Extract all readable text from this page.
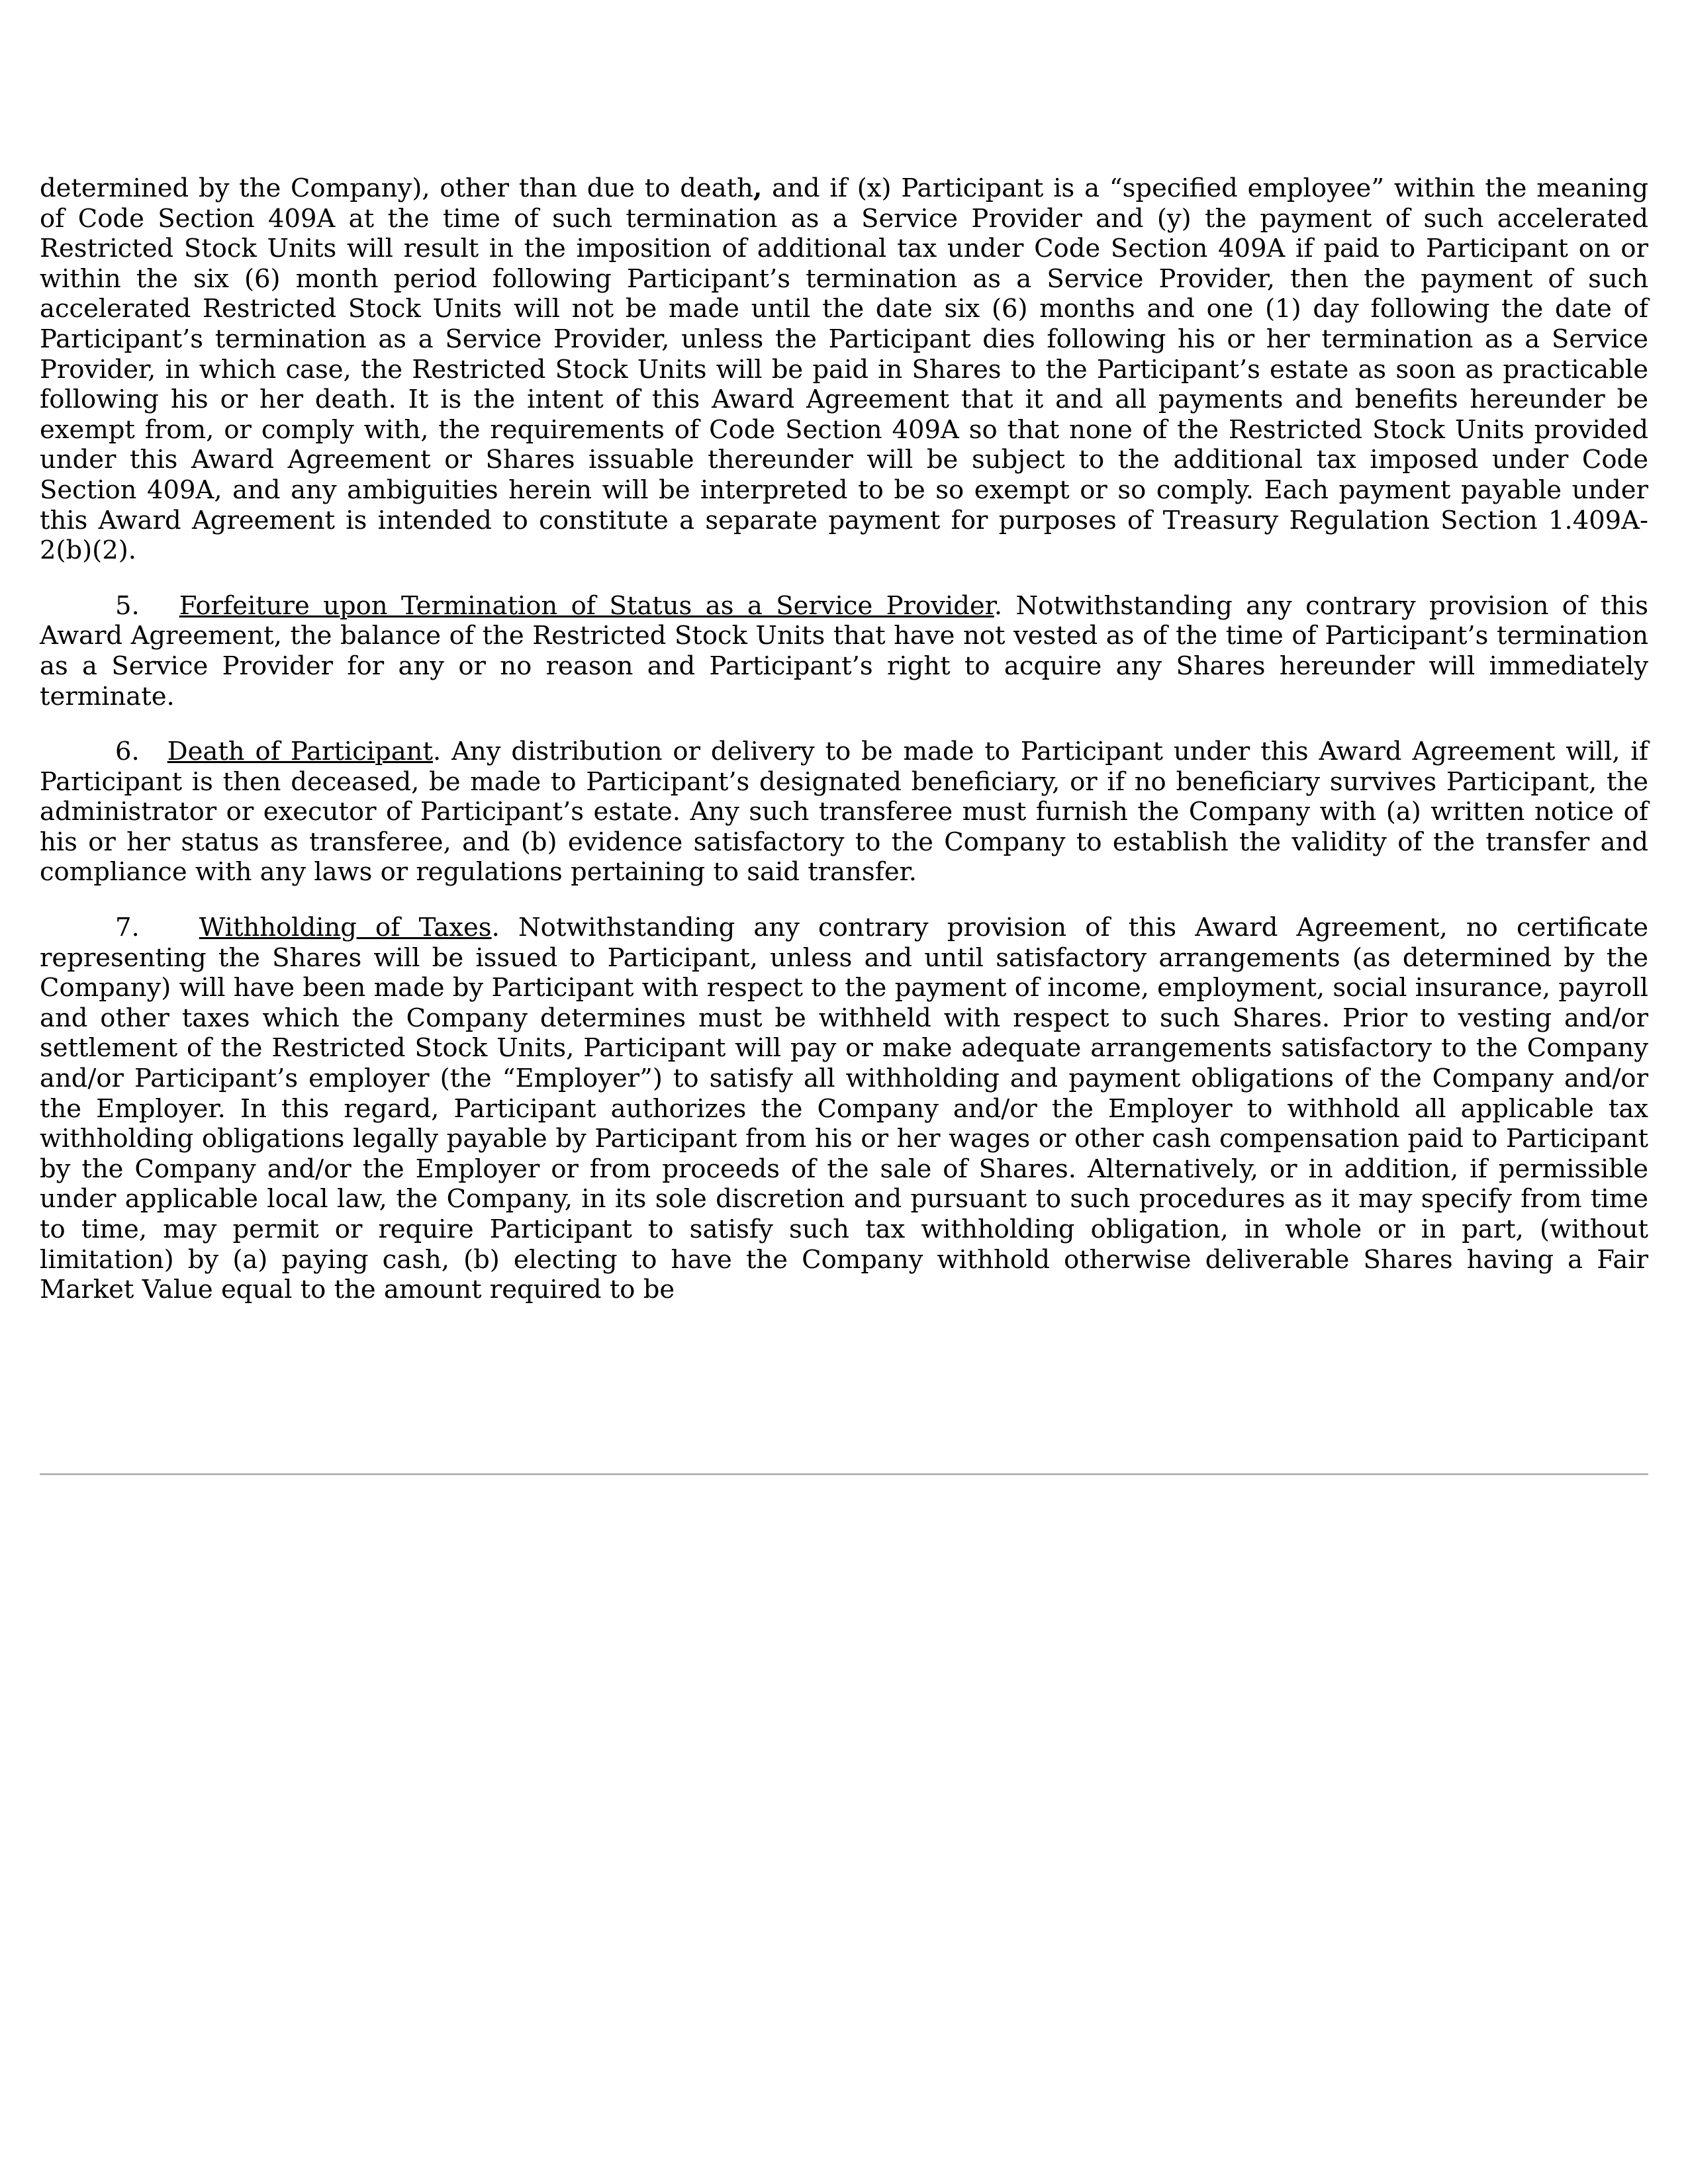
determined by the Company), other than due to death, and if (x) Participant is a “specified employee” within the meaning of Code Section 409A at the time of such termination as a Service Provider and (y) the payment of such accelerated Restricted Stock Units will result in the imposition of additional tax under Code Section 409A if paid to Participant on or within the six (6) month period following Participant’s termination as a Service Provider, then the payment of such accelerated Restricted Stock Units will not be made until the date six (6) months and one (1) day following the date of Participant’s termination as a Service Provider, unless the Participant dies following his or her termination as a Service Provider, in which case, the Restricted Stock Units will be paid in Shares to the Participant’s estate as soon as practicable following his or her death. It is the intent of this Award Agreement that it and all payments and benefits hereunder be exempt from, or comply with, the requirements of Code Section 409A so that none of the Restricted Stock Units provided under this Award Agreement or Shares issuable thereunder will be subject to the additional tax imposed under Code Section 409A, and any ambiguities herein will be interpreted to be so exempt or so comply. Each payment payable under this Award Agreement is intended to constitute a separate payment for purposes of Treasury Regulation Section 1.409A-2(b)(2).

5. Forfeiture upon Termination of Status as a Service Provider. Notwithstanding any contrary provision of this Award Agreement, the balance of the Restricted Stock Units that have not vested as of the time of Participant’s termination as a Service Provider for any or no reason and Participant’s right to acquire any Shares hereunder will immediately terminate.

6. Death of Participant. Any distribution or delivery to be made to Participant under this Award Agreement will, if Participant is then deceased, be made to Participant’s designated beneficiary, or if no beneficiary survives Participant, the administrator or executor of Participant’s estate. Any such transferee must furnish the Company with (a) written notice of his or her status as transferee, and (b) evidence satisfactory to the Company to establish the validity of the transfer and compliance with any laws or regulations pertaining to said transfer.

7. Withholding of Taxes. Notwithstanding any contrary provision of this Award Agreement, no certificate representing the Shares will be issued to Participant, unless and until satisfactory arrangements (as determined by the Company) will have been made by Participant with respect to the payment of income, employment, social insurance, payroll and other taxes which the Company determines must be withheld with respect to such Shares. Prior to vesting and/or settlement of the Restricted Stock Units, Participant will pay or make adequate arrangements satisfactory to the Company and/or Participant’s employer (the “Employer”) to satisfy all withholding and payment obligations of the Company and/or the Employer. In this regard, Participant authorizes the Company and/or the Employer to withhold all applicable tax withholding obligations legally payable by Participant from his or her wages or other cash compensation paid to Participant by the Company and/or the Employer or from proceeds of the sale of Shares. Alternatively, or in addition, if permissible under applicable local law, the Company, in its sole discretion and pursuant to such procedures as it may specify from time to time, may permit or require Participant to satisfy such tax withholding obligation, in whole or in part, (without limitation) by (a) paying cash, (b) electing to have the Company withhold otherwise deliverable Shares having a Fair Market Value equal to the amount required to be
